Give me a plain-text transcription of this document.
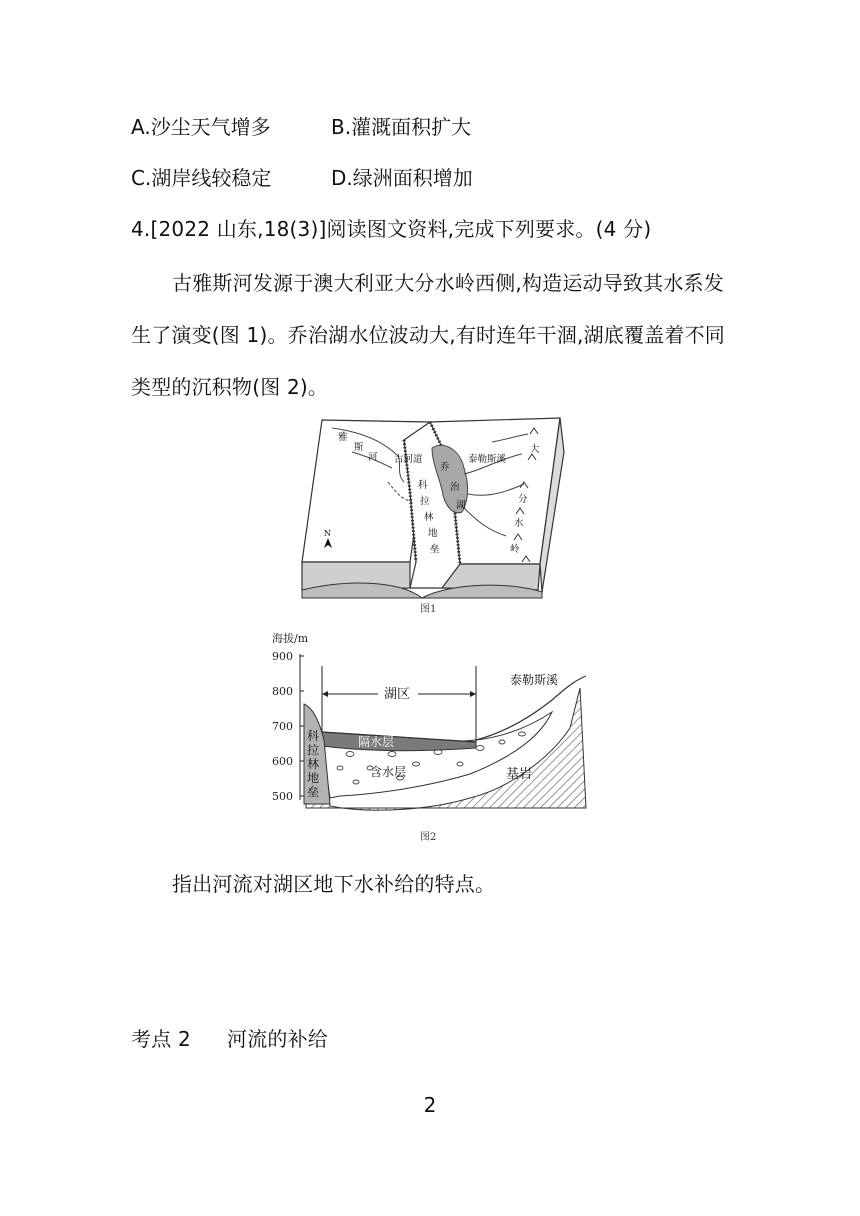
A.沙尘天气增多	B.灌溉面积扩大
C.湖岸线较稳定	D.绿洲面积增加
4.[2022 山东,18(3)]阅读图文资料,完成下列要求。(4 分)
古雅斯河发源于澳大利亚大分水岭西侧,构造运动导致其水系发
生了演变(图 1)。乔治湖水位波动大,有时连年干涸,湖底覆盖着不同
类型的沉积物(图 2)。
雅
斯
河 古河道
乔
治
湖
泰勒斯溪
科
拉
林
地
垒
大
分
水
岭
N
图1
海拔/m
900
800
700
600
500
湖区
泰勒斯溪
隔水层
含水层	基岩
科
拉
林
地
垒
图2
指出河流对湖区地下水补给的特点。
考点 2 河流的补给
2
